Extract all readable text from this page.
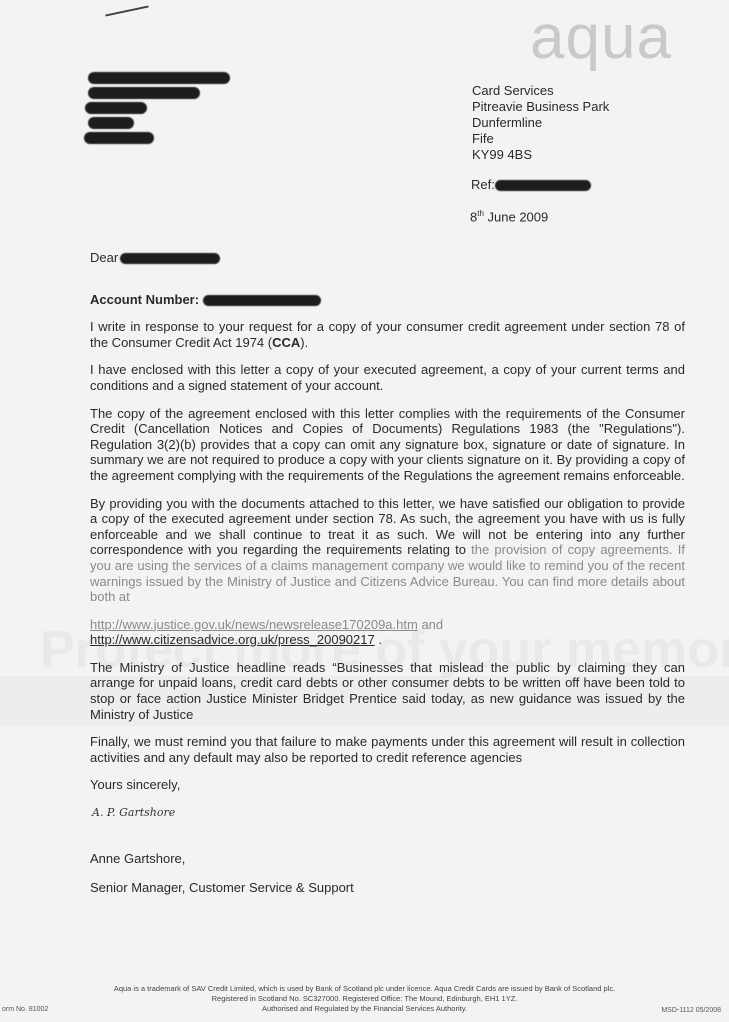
aqua
Card Services
Pitreavie Business Park
Dunfermline
Fife
KY99 4BS
Ref:
8th June 2009

Dear

Account Number:

I write in response to your request for a copy of your consumer credit agreement under section 78 of the Consumer Credit Act 1974 (CCA).

I have enclosed with this letter a copy of your executed agreement, a copy of your current terms and conditions and a signed statement of your account.

The copy of the agreement enclosed with this letter complies with the requirements of the Consumer Credit (Cancellation Notices and Copies of Documents) Regulations 1983 (the "Regulations"). Regulation 3(2)(b) provides that a copy can omit any signature box, signature or date of signature. In summary we are not required to produce a copy with your clients signature on it. By providing a copy of the agreement complying with the requirements of the Regulations the agreement remains enforceable.

By providing you with the documents attached to this letter, we have satisfied our obligation to provide a copy of the executed agreement under section 78. As such, the agreement you have with us is fully enforceable and we shall continue to treat it as such. We will not be entering into any further correspondence with you regarding the requirements relating to the provision of copy agreements. If you are using the services of a claims management company we would like to remind you of the recent warnings issued by the Ministry of Justice and Citizens Advice Bureau. You can find more details about both at

http://www.justice.gov.uk/news/newsrelease170209a.htm and
http://www.citizensadvice.org.uk/press_20090217 .

The Ministry of Justice headline reads “Businesses that mislead the public by claiming they can arrange for unpaid loans, credit card debts or other consumer debts to be written off have been told to stop or face action Justice Minister Bridget Prentice said today, as new guidance was issued by the Ministry of Justice

Finally, we must remind you that failure to make payments under this agreement will result in collection activities and any default may also be reported to credit reference agencies

Yours sincerely,

A. P. Gartshore

Anne Gartshore,

Senior Manager, Customer Service & Support

Aqua is a trademark of SAV Credit Limited, which is used by Bank of Scotland plc under licence. Aqua Credit Cards are issued by Bank of Scotland plc.
Registered in Scotland No. SC327000. Registered Office: The Mound, Edinburgh, EH1 1YZ.
Authorised and Regulated by the Financial Services Authority.
orm No. 81002	MSD-1112 05/2008
